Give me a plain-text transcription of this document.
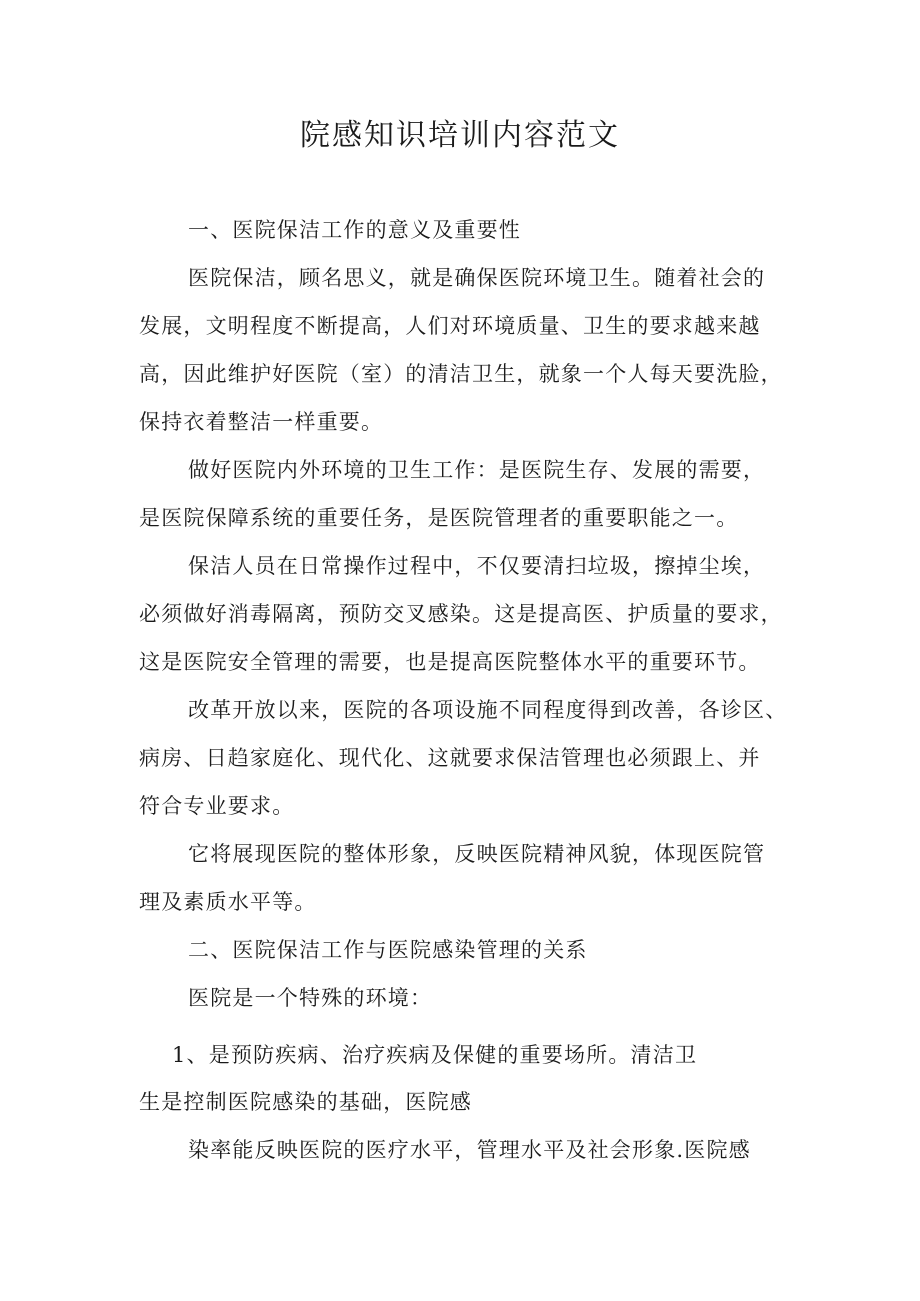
院感知识培训内容范文

一、医院保洁工作的意义及重要性

医院保洁，顾名思义，就是确保医院环境卫生。随着社会的

发展，文明程度不断提高，人们对环境质量、卫生的要求越来越

高，因此维护好医院（室）的清洁卫生，就象一个人每天要洗脸，

保持衣着整洁一样重要。

做好医院内外环境的卫生工作：是医院生存、发展的需要，

是医院保障系统的重要任务，是医院管理者的重要职能之一。

保洁人员在日常操作过程中，不仅要清扫垃圾，擦掉尘埃，

必须做好消毒隔离，预防交叉感染。这是提高医、护质量的要求，

这是医院安全管理的需要，也是提高医院整体水平的重要环节。

改革开放以来，医院的各项设施不同程度得到改善，各诊区、

病房、日趋家庭化、现代化、这就要求保洁管理也必须跟上、并

符合专业要求。

它将展现医院的整体形象，反映医院精神风貌，体现医院管

理及素质水平等。

二、医院保洁工作与医院感染管理的关系

医院是一个特殊的环境：

1、是预防疾病、治疗疾病及保健的重要场所。清洁卫

生是控制医院感染的基础，医院感

染率能反映医院的医疗水平，管理水平及社会形象.医院感
